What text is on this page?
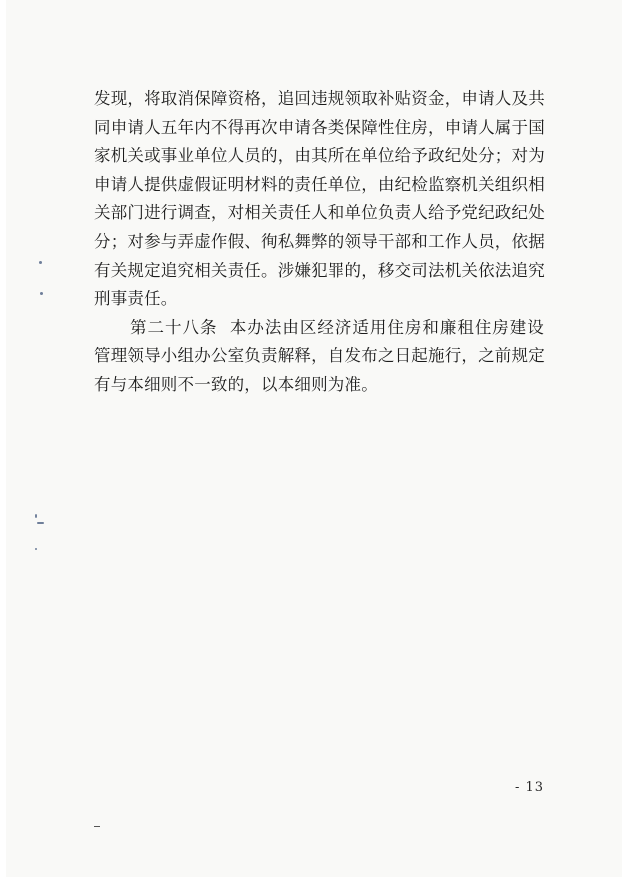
发现，将取消保障资格，追回违规领取补贴资金，申请人及共
同申请人五年内不得再次申请各类保障性住房，申请人属于国
家机关或事业单位人员的，由其所在单位给予政纪处分；对为
申请人提供虚假证明材料的责任单位，由纪检监察机关组织相
关部门进行调查，对相关责任人和单位负责人给予党纪政纪处
分；对参与弄虚作假、徇私舞弊的领导干部和工作人员，依据
有关规定追究相关责任。涉嫌犯罪的，移交司法机关依法追究
刑事责任。
第二十八条  本办法由区经济适用住房和廉租住房建设
管理领导小组办公室负责解释，自发布之日起施行，之前规定
有与本细则不一致的，以本细则为准。
- 13
